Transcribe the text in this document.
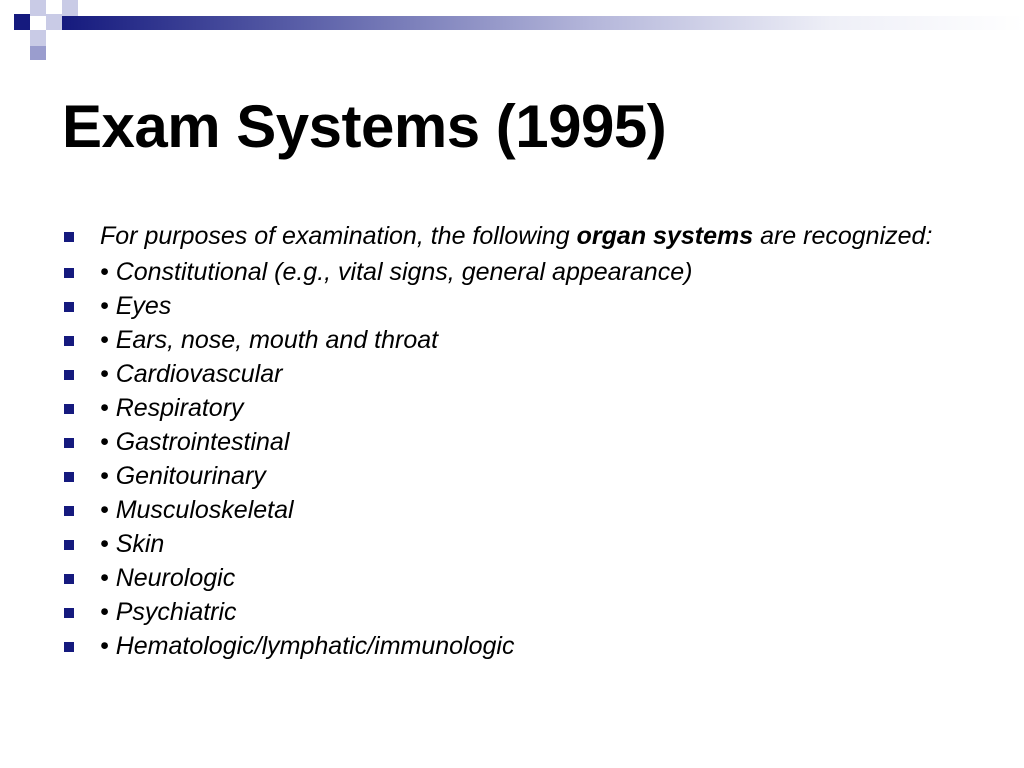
Exam Systems (1995)
For purposes of examination, the following organ systems are recognized:
• Constitutional (e.g., vital signs, general appearance)
• Eyes
• Ears, nose, mouth and throat
• Cardiovascular
• Respiratory
• Gastrointestinal
• Genitourinary
• Musculoskeletal
• Skin
• Neurologic
• Psychiatric
• Hematologic/lymphatic/immunologic
